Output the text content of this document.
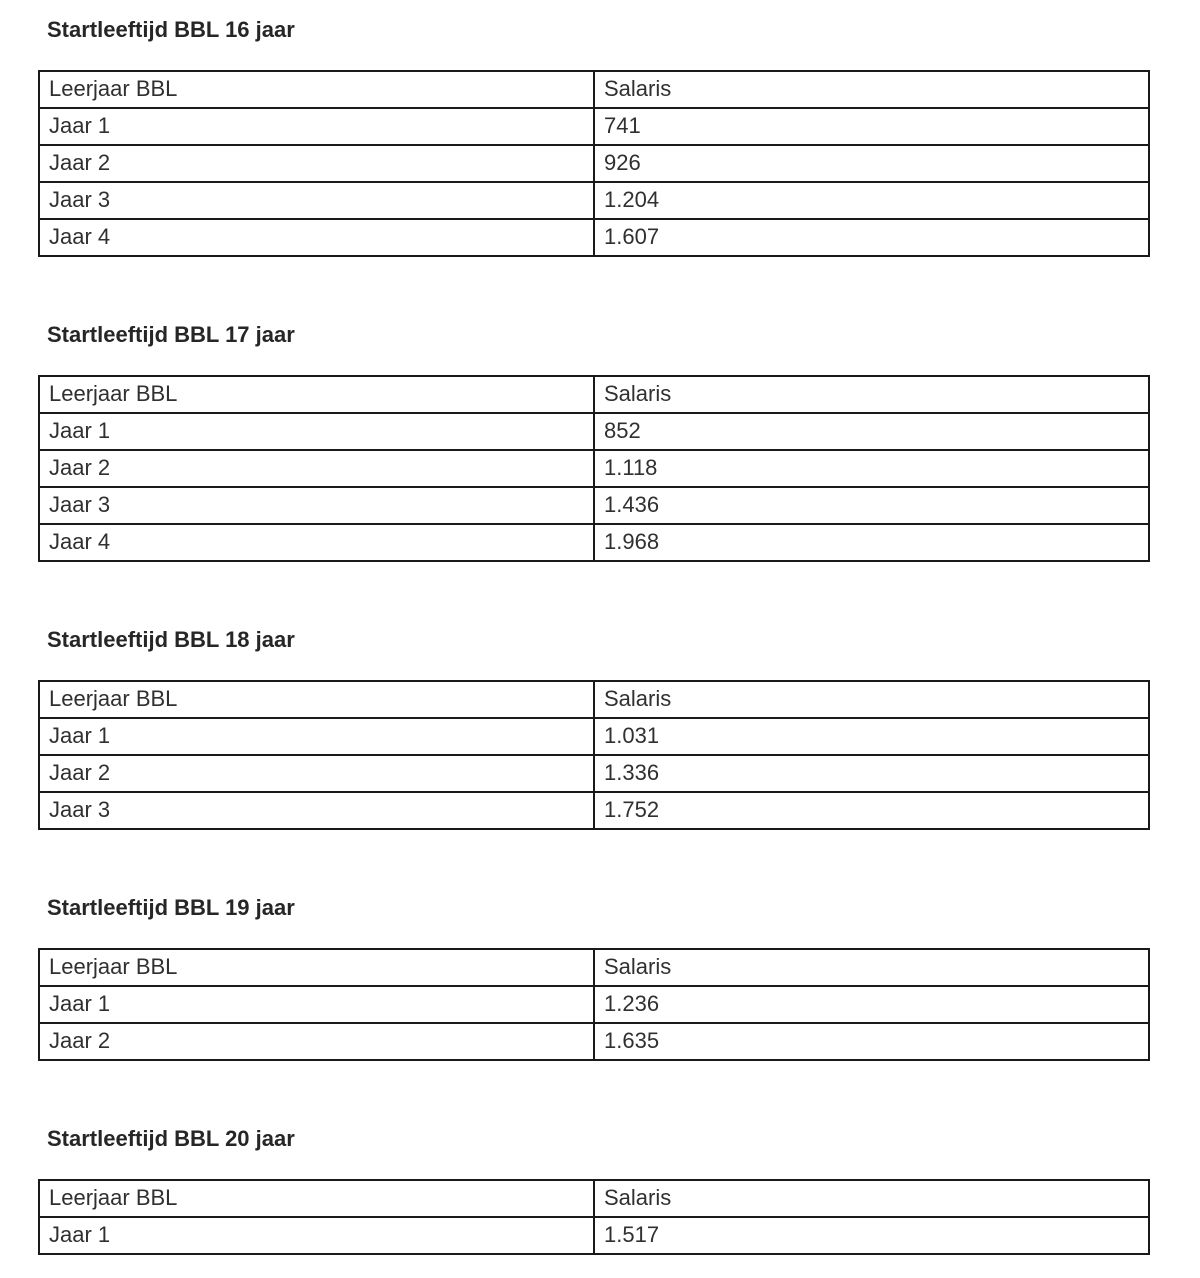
Startleeftijd BBL 16 jaar
Leerjaar BBL	Salaris
Jaar 1	741
Jaar 2	926
Jaar 3	1.204
Jaar 4	1.607
Startleeftijd BBL 17 jaar
Leerjaar BBL	Salaris
Jaar 1	852
Jaar 2	1.118
Jaar 3	1.436
Jaar 4	1.968
Startleeftijd BBL 18 jaar
Leerjaar BBL	Salaris
Jaar 1	1.031
Jaar 2	1.336
Jaar 3	1.752
Startleeftijd BBL 19 jaar
Leerjaar BBL	Salaris
Jaar 1	1.236
Jaar 2	1.635
Startleeftijd BBL 20 jaar
Leerjaar BBL	Salaris
Jaar 1	1.517
